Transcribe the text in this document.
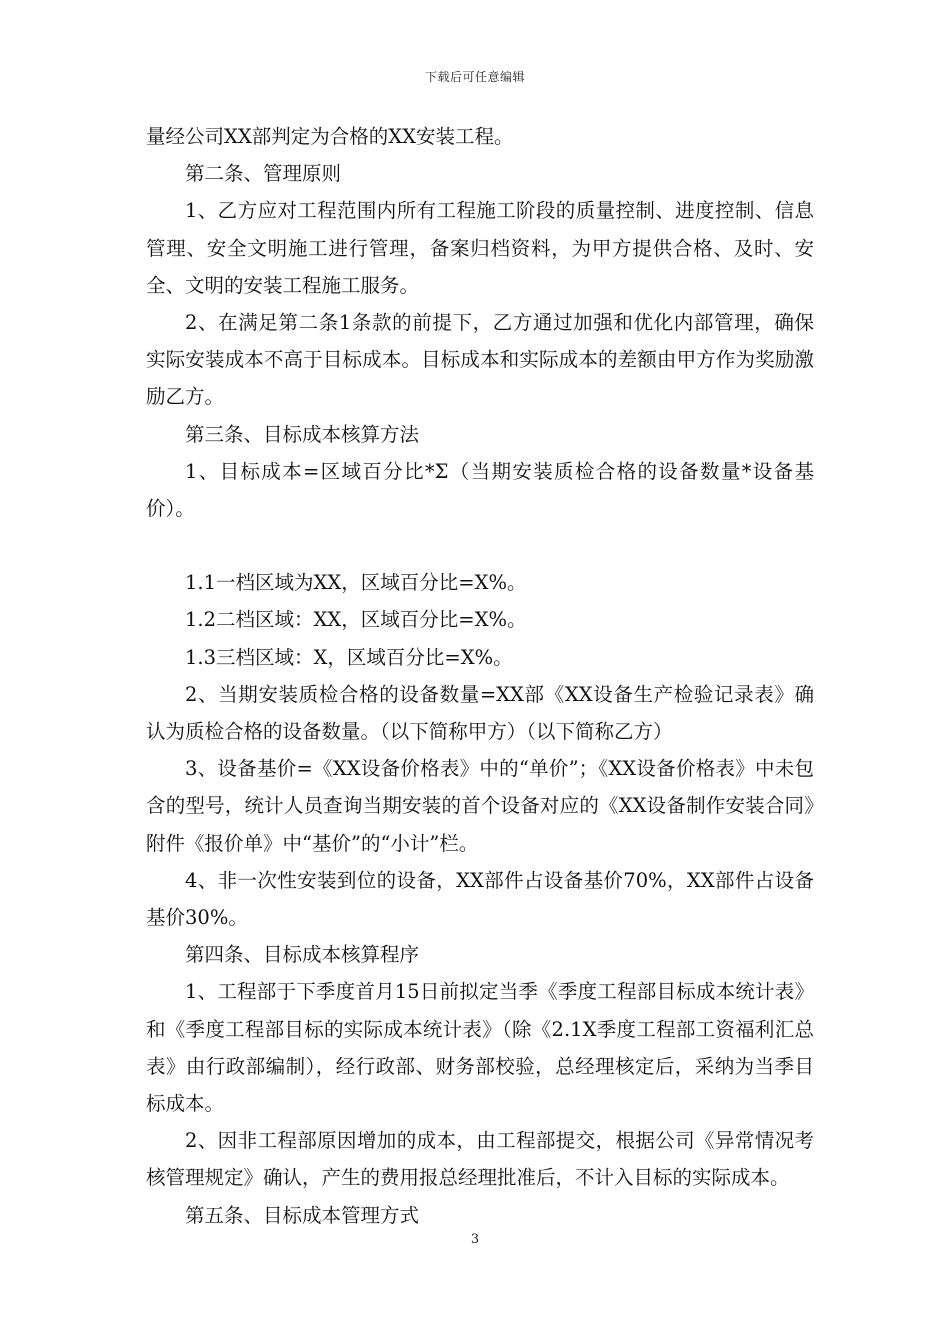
下载后可任意编辑

量经公司XX部判定为合格的XX安装工程。

第二条、管理原则

1、乙方应对工程范围内所有工程施工阶段的质量控制、进度控制、信息管理、安全文明施工进行管理，备案归档资料，为甲方提供合格、及时、安全、文明的安装工程施工服务。

2、在满足第二条1条款的前提下，乙方通过加强和优化内部管理，确保实际安装成本不高于目标成本。目标成本和实际成本的差额由甲方作为奖励激励乙方。

第三条、目标成本核算方法

1、目标成本=区域百分比*Σ（当期安装质检合格的设备数量*设备基价）。

1.1一档区域为XX，区域百分比=X%。

1.2二档区域：XX，区域百分比=X%。

1.3三档区域：X，区域百分比=X%。

2、当期安装质检合格的设备数量=XX部《XX设备生产检验记录表》确认为质检合格的设备数量。（以下简称甲方）（以下简称乙方）

3、设备基价=《XX设备价格表》中的“单价”；《XX设备价格表》中未包含的型号，统计人员查询当期安装的首个设备对应的《XX设备制作安装合同》附件《报价单》中“基价”的“小计”栏。

4、非一次性安装到位的设备，XX部件占设备基价70%，XX部件占设备基价30%。

第四条、目标成本核算程序

1、工程部于下季度首月15日前拟定当季《季度工程部目标成本统计表》和《季度工程部目标的实际成本统计表》（除《2.1X季度工程部工资福利汇总表》由行政部编制），经行政部、财务部校验，总经理核定后，采纳为当季目标成本。

2、因非工程部原因增加的成本，由工程部提交，根据公司《异常情况考核管理规定》确认，产生的费用报总经理批准后，不计入目标的实际成本。

第五条、目标成本管理方式

3
